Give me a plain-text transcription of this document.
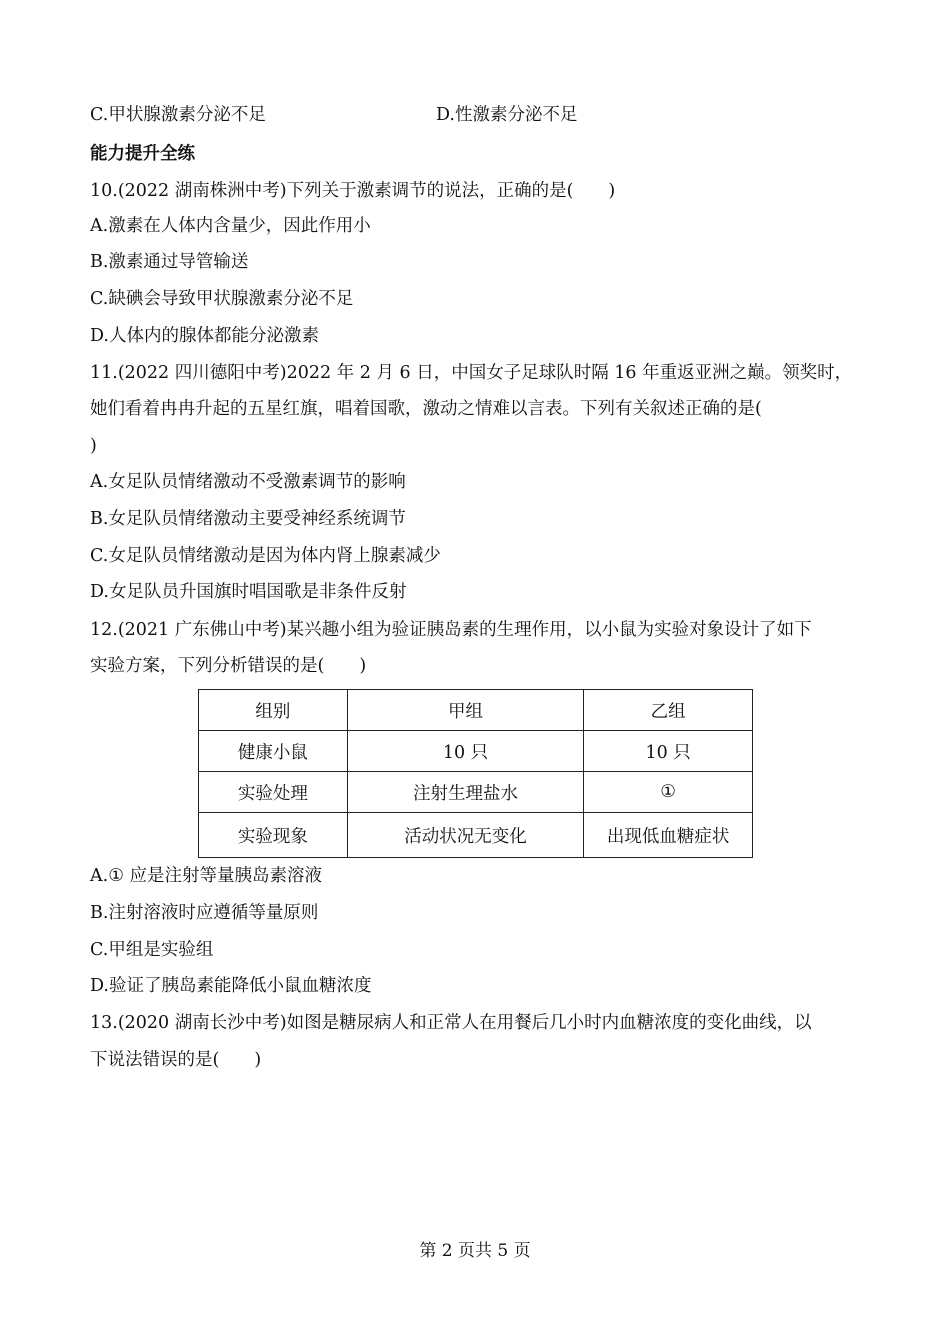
C.甲状腺激素分泌不足	D.性激素分泌不足
能力提升全练
10.(2022 湖南株洲中考)下列关于激素调节的说法，正确的是(　　)
A.激素在人体内含量少，因此作用小
B.激素通过导管输送
C.缺碘会导致甲状腺激素分泌不足
D.人体内的腺体都能分泌激素
11.(2022 四川德阳中考)2022 年 2 月 6 日，中国女子足球队时隔 16 年重返亚洲之巅。领奖时，
她们看着冉冉升起的五星红旗，唱着国歌，激动之情难以言表。下列有关叙述正确的是(
)
A.女足队员情绪激动不受激素调节的影响
B.女足队员情绪激动主要受神经系统调节
C.女足队员情绪激动是因为体内肾上腺素减少
D.女足队员升国旗时唱国歌是非条件反射
12.(2021 广东佛山中考)某兴趣小组为验证胰岛素的生理作用，以小鼠为实验对象设计了如下
实验方案，下列分析错误的是(　　)
组别	甲组	乙组
健康小鼠	10 只	10 只
实验处理	注射生理盐水	①
实验现象	活动状况无变化	出现低血糖症状
A.① 应是注射等量胰岛素溶液
B.注射溶液时应遵循等量原则
C.甲组是实验组
D.验证了胰岛素能降低小鼠血糖浓度
13.(2020 湖南长沙中考)如图是糖尿病人和正常人在用餐后几小时内血糖浓度的变化曲线，以
下说法错误的是(　　)
第 2 页共 5 页
